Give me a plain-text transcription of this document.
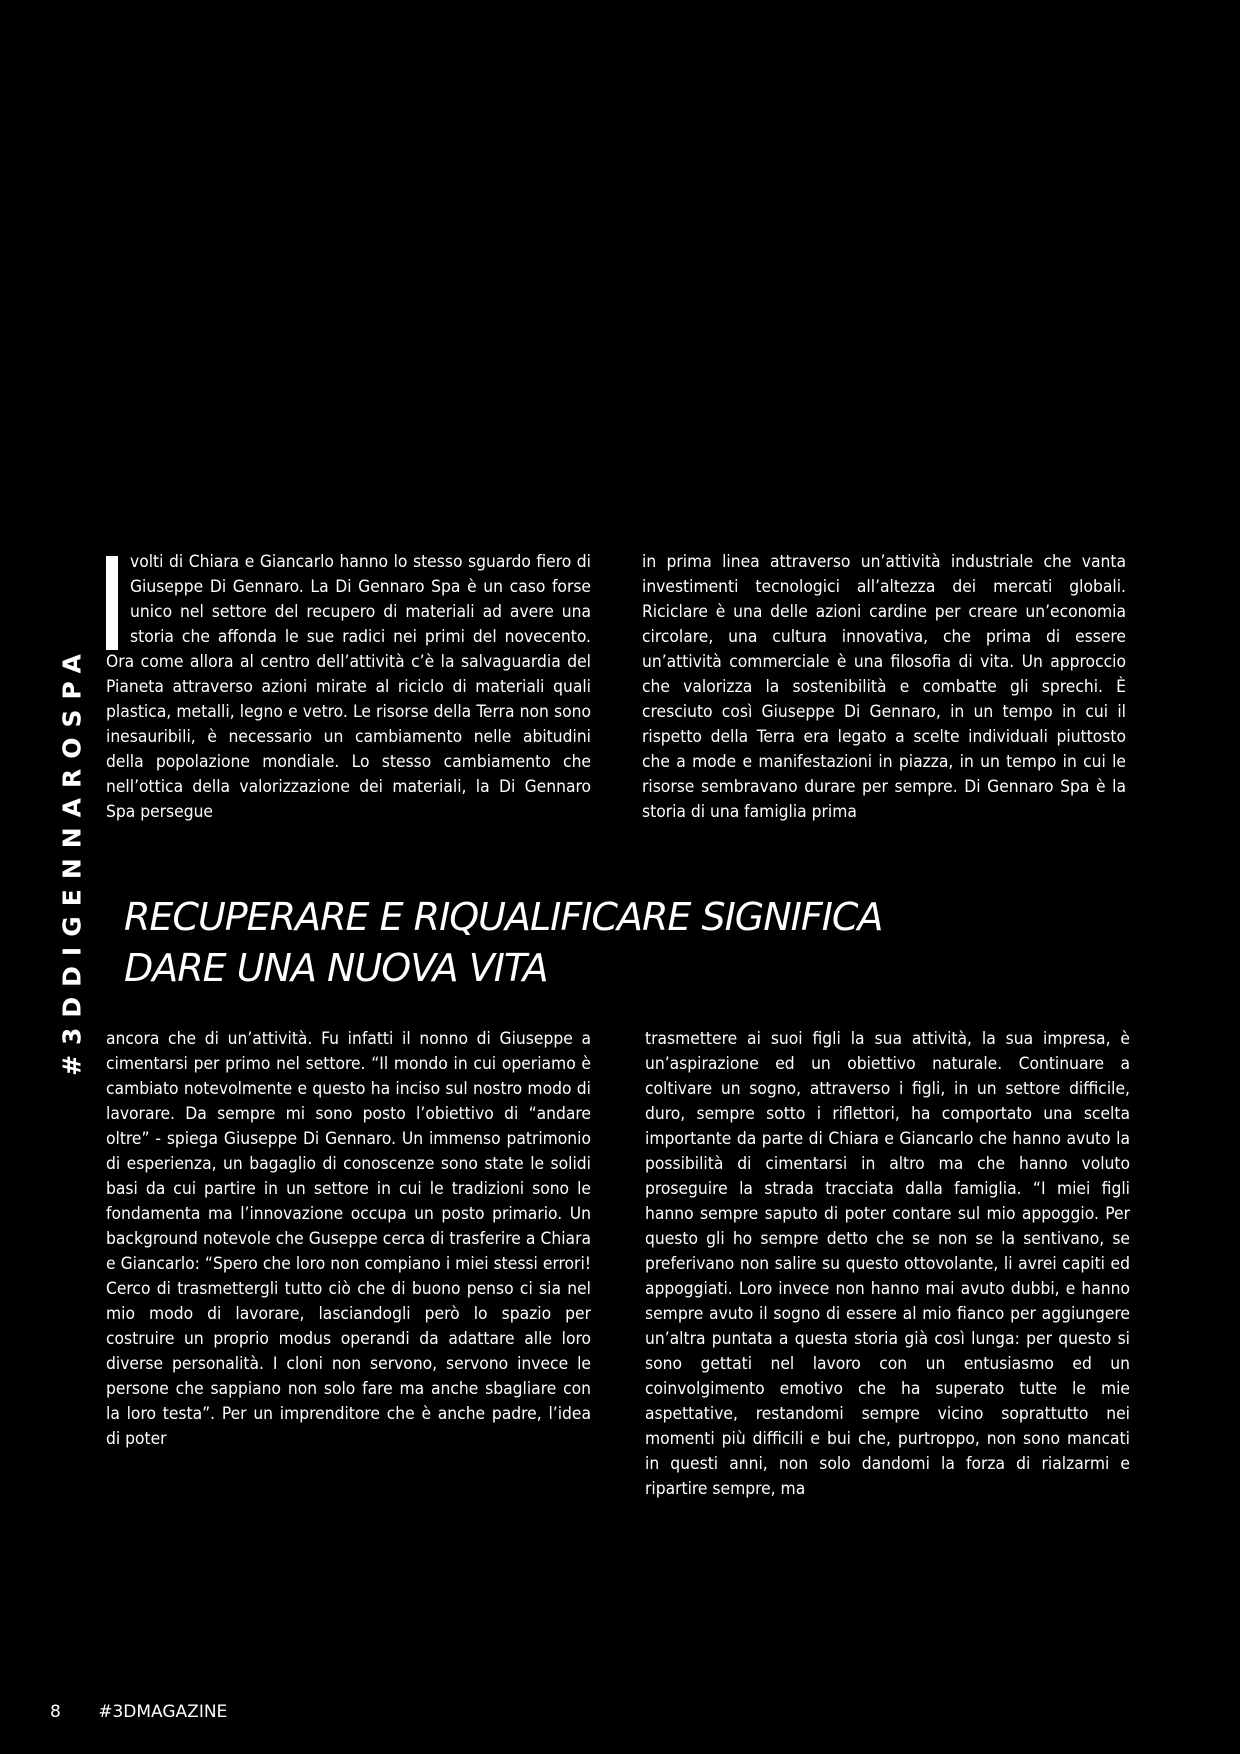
#3DDIGENNAROSPA

volti di Chiara e Giancarlo hanno lo stesso sguardo fiero di Giuseppe Di Gennaro. La Di Gennaro Spa è un caso forse unico nel settore del recupero di materiali ad avere una storia che affonda le sue radici nei primi del novecento. Ora come allora al centro dell’attività c’è la salvaguardia del Pianeta attraverso azioni mirate al riciclo di materiali quali plastica, metalli, legno e vetro. Le risorse della Terra non sono inesauribili, è necessario un cambiamento nelle abitudini della popolazione mondiale. Lo stesso cambiamento che nell’ottica della valorizzazione dei materiali, la Di Gennaro Spa persegue

in prima linea attraverso un’attività industriale che vanta investimenti tecnologici all’altezza dei mercati globali. Riciclare è una delle azioni cardine per creare un’economia circolare, una cultura innovativa, che prima di essere un’attività commerciale è una filosofia di vita. Un approccio che valorizza la sostenibilità e combatte gli sprechi. È cresciuto così Giuseppe Di Gennaro, in un tempo in cui il rispetto della Terra era legato a scelte individuali piuttosto che a mode e manifestazioni in piazza, in un tempo in cui le risorse sembravano durare per sempre. Di Gennaro Spa è la storia di una famiglia prima

RECUPERARE E RIQUALIFICARE SIGNIFICA
DARE UNA NUOVA VITA

ancora che di un’attività. Fu infatti il nonno di Giuseppe a cimentarsi per primo nel settore. “Il mondo in cui operiamo è cambiato notevolmente e questo ha inciso sul nostro modo di lavorare. Da sempre mi sono posto l’obiettivo di “andare oltre” - spiega Giuseppe Di Gennaro. Un immenso patrimonio di esperienza, un bagaglio di conoscenze sono state le solidi basi da cui partire in un settore in cui le tradizioni sono le fondamenta ma l’innovazione occupa un posto primario. Un background notevole che Guseppe cerca di trasferire a Chiara e Giancarlo: “Spero che loro non compiano i miei stessi errori! Cerco di trasmettergli tutto ciò che di buono penso ci sia nel mio modo di lavorare, lasciandogli però lo spazio per costruire un proprio modus operandi da adattare alle loro diverse personalità. I cloni non servono, servono invece le persone che sappiano non solo fare ma anche sbagliare con la loro testa”. Per un imprenditore che è anche padre, l’idea di poter

trasmettere ai suoi figli la sua attività, la sua impresa, è un’aspirazione ed un obiettivo naturale. Continuare a coltivare un sogno, attraverso i figli, in un settore difficile, duro, sempre sotto i riflettori, ha comportato una scelta importante da parte di Chiara e Giancarlo che hanno avuto la possibilità di cimentarsi in altro ma che hanno voluto proseguire la strada tracciata dalla famiglia. “I miei figli hanno sempre saputo di poter contare sul mio appoggio. Per questo gli ho sempre detto che se non se la sentivano, se preferivano non salire su questo ottovolante, li avrei capiti ed appoggiati. Loro invece non hanno mai avuto dubbi, e hanno sempre avuto il sogno di essere al mio fianco per aggiungere un’altra puntata a questa storia già così lunga: per questo si sono gettati nel lavoro con un entusiasmo ed un coinvolgimento emotivo che ha superato tutte le mie aspettative, restandomi sempre vicino soprattutto nei momenti più difficili e bui che, purtroppo, non sono mancati in questi anni, non solo dandomi la forza di rialzarmi e ripartire sempre, ma

8 #3DMAGAZINE
